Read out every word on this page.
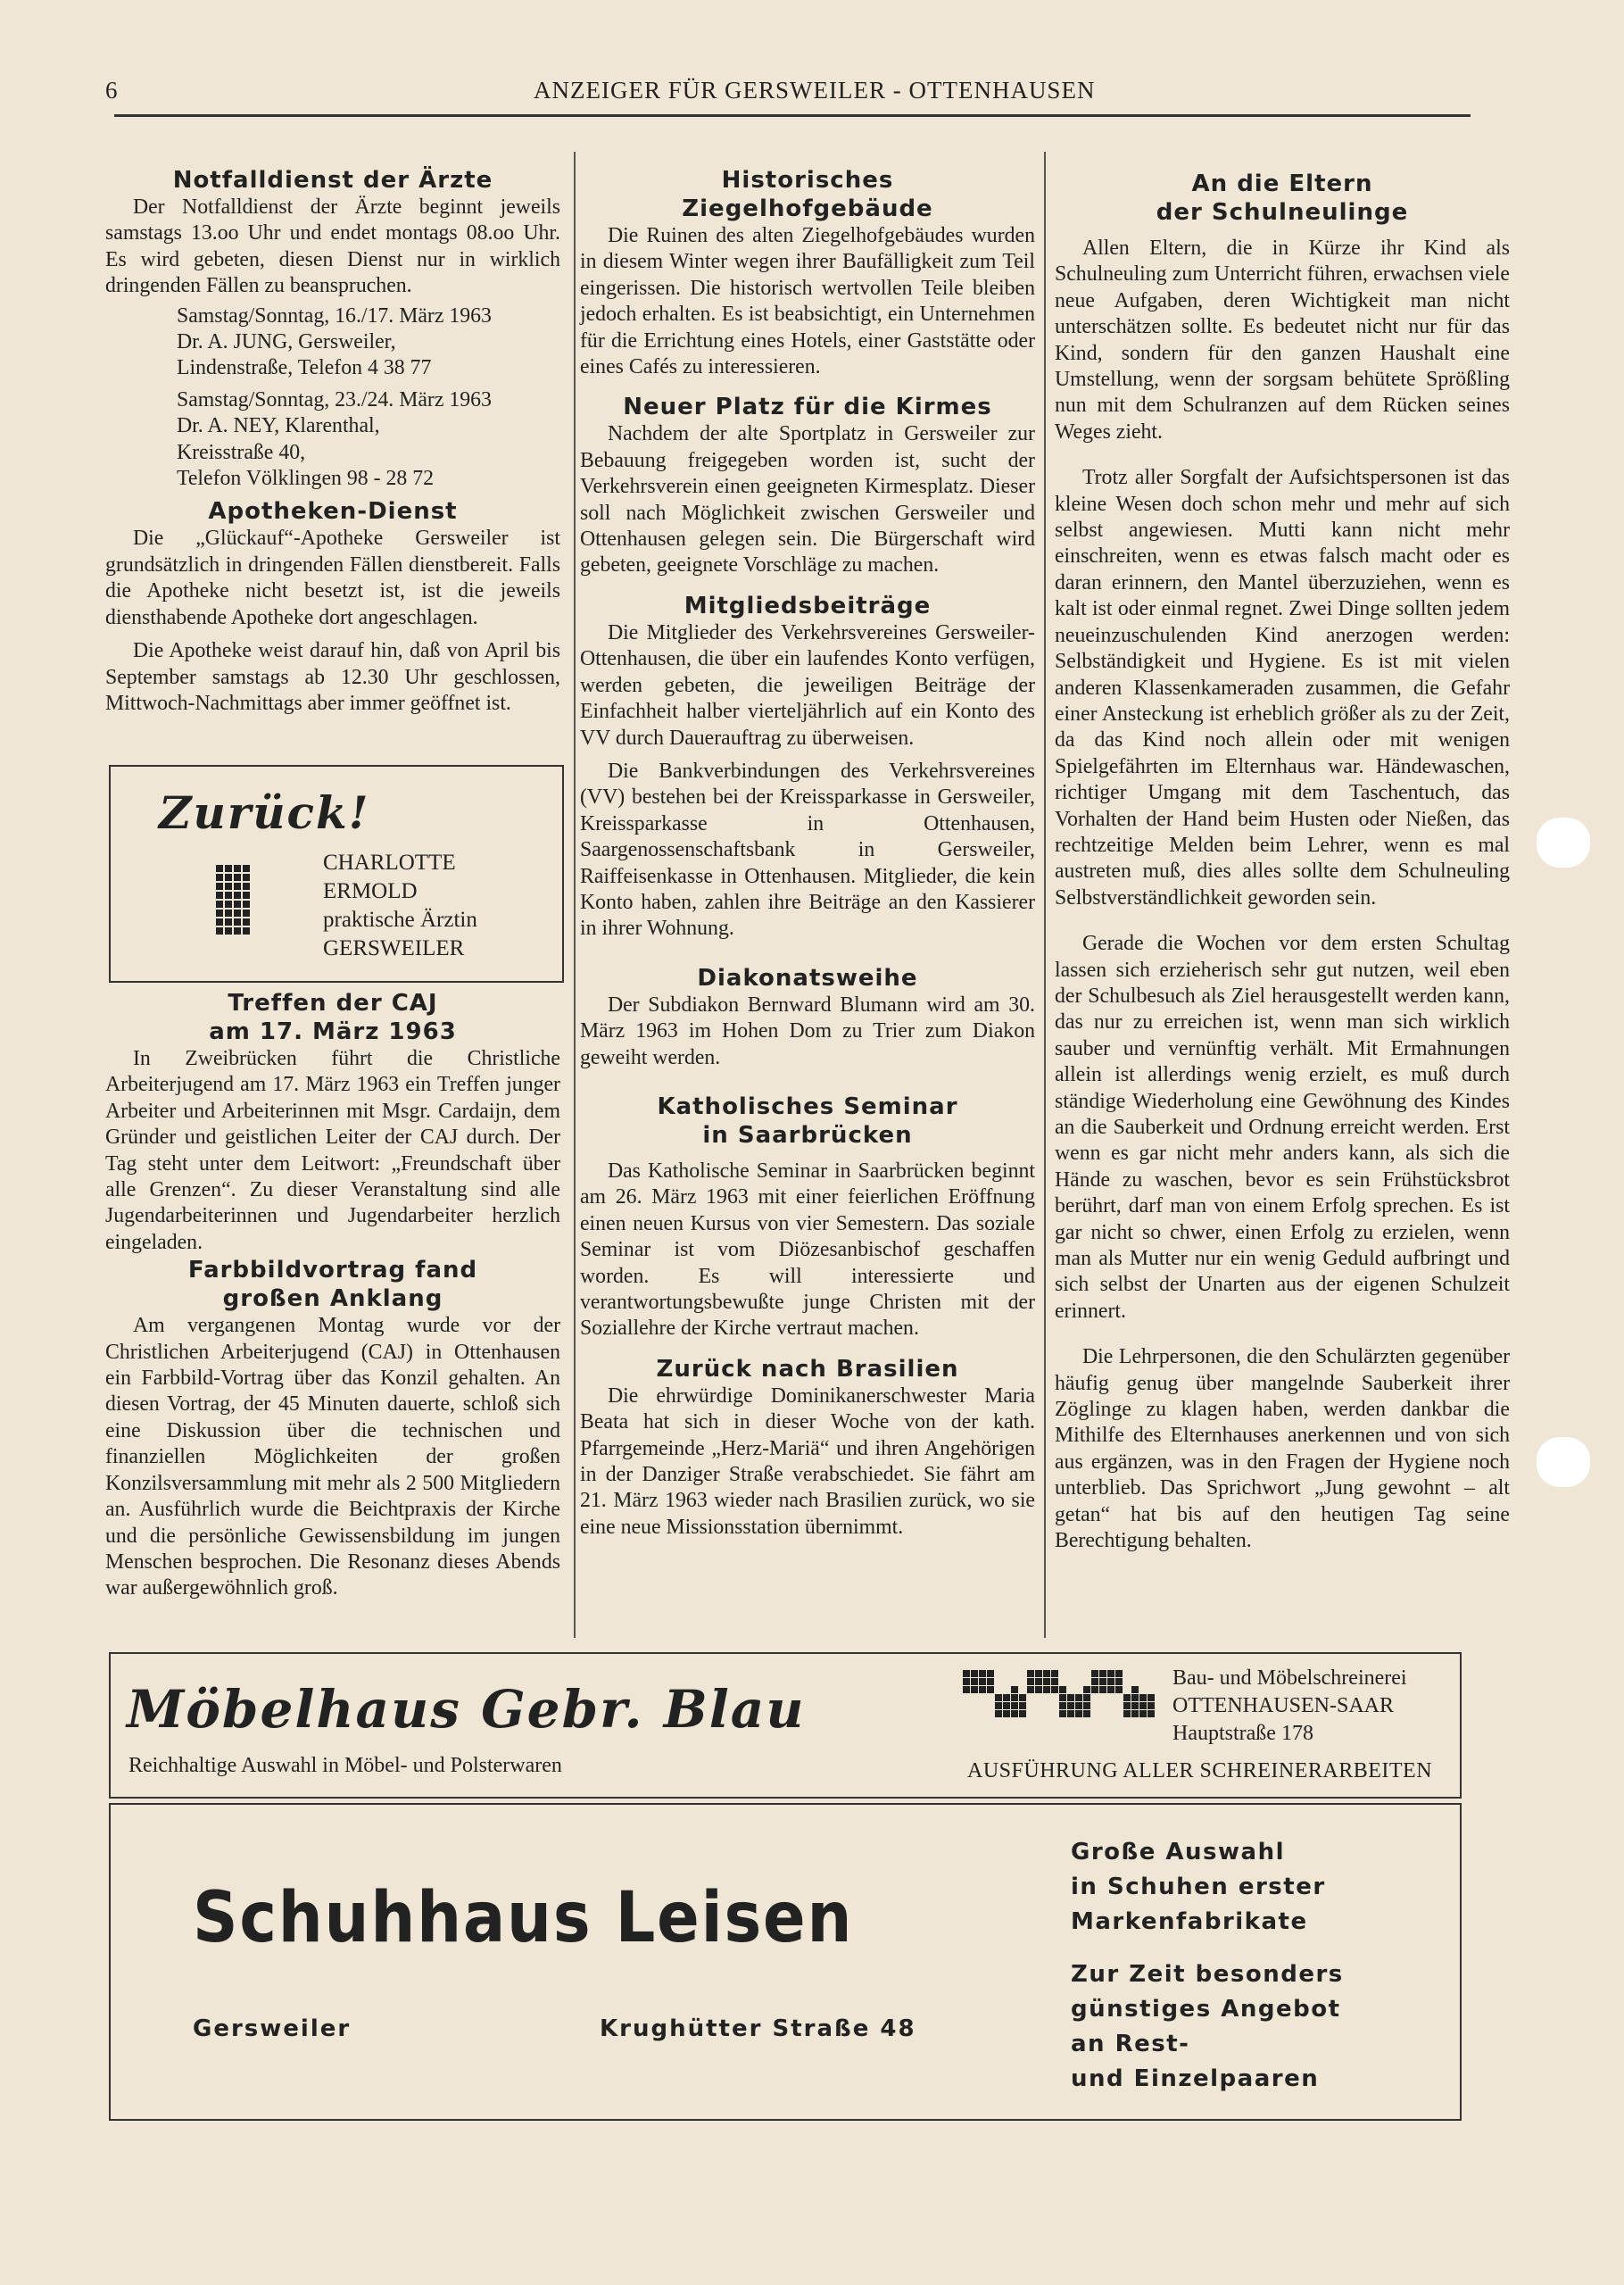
6	ANZEIGER FÜR GERSWEILER - OTTENHAUSEN
Notfalldienst der Ärzte

Der Notfalldienst der Ärzte beginnt jeweils samstags 13.oo Uhr und endet montags 08.oo Uhr. Es wird gebeten, diesen Dienst nur in wirklich dringenden Fällen zu beanspruchen.

Samstag/Sonntag, 16./17. März 1963
Dr. A. JUNG, Gersweiler,
Lindenstraße, Telefon 4 38 77
Samstag/Sonntag, 23./24. März 1963
Dr. A. NEY, Klarenthal,
Kreisstraße 40,
Telefon Völklingen 98 - 28 72
Apotheken-Dienst

Die „Glückauf“-Apotheke Gersweiler ist grundsätzlich in dringenden Fällen dienstbereit. Falls die Apotheke nicht besetzt ist, ist die jeweils diensthabende Apotheke dort angeschlagen.

Die Apotheke weist darauf hin, daß von April bis September samstags ab 12.30 Uhr geschlossen, Mittwoch-Nachmittags aber immer geöffnet ist.

Zurück!
CHARLOTTE
ERMOLD
praktische Ärztin
GERSWEILER
Treffen der CAJ
am 17. März 1963

In Zweibrücken führt die Christliche Arbeiterjugend am 17. März 1963 ein Treffen junger Arbeiter und Arbeiterinnen mit Msgr. Cardaijn, dem Gründer und geistlichen Leiter der CAJ durch. Der Tag steht unter dem Leitwort: „Freundschaft über alle Grenzen“. Zu dieser Veranstaltung sind alle Jugendarbeiterinnen und Jugendarbeiter herzlich eingeladen.

Farbbildvortrag fand
großen Anklang

Am vergangenen Montag wurde vor der Christlichen Arbeiterjugend (CAJ) in Ottenhausen ein Farbbild-Vortrag über das Konzil gehalten. An diesen Vortrag, der 45 Minuten dauerte, schloß sich eine Diskussion über die technischen und finanziellen Möglichkeiten der großen Konzilsversammlung mit mehr als 2 500 Mitgliedern an. Ausführlich wurde die Beichtpraxis der Kirche und die persönliche Gewissensbildung im jungen Menschen besprochen. Die Resonanz dieses Abends war außergewöhnlich groß.

Historisches
Ziegelhofgebäude

Die Ruinen des alten Ziegelhofgebäudes wurden in diesem Winter wegen ihrer Baufälligkeit zum Teil eingerissen. Die historisch wertvollen Teile bleiben jedoch erhalten. Es ist beabsichtigt, ein Unternehmen für die Errichtung eines Hotels, einer Gaststätte oder eines Cafés zu interessieren.

Neuer Platz für die Kirmes

Nachdem der alte Sportplatz in Gersweiler zur Bebauung freigegeben worden ist, sucht der Verkehrsverein einen geeigneten Kirmesplatz. Dieser soll nach Möglichkeit zwischen Gersweiler und Ottenhausen gelegen sein. Die Bürgerschaft wird gebeten, geeignete Vorschläge zu machen.

Mitgliedsbeiträge

Die Mitglieder des Verkehrsvereines Gersweiler-Ottenhausen, die über ein laufendes Konto verfügen, werden gebeten, die jeweiligen Beiträge der Einfachheit halber vierteljährlich auf ein Konto des VV durch Dauerauftrag zu überweisen.

Die Bankverbindungen des Verkehrsvereines (VV) bestehen bei der Kreissparkasse in Gersweiler, Kreissparkasse in Ottenhausen, Saargenossenschaftsbank in Gersweiler, Raiffeisenkasse in Ottenhausen. Mitglieder, die kein Konto haben, zahlen ihre Beiträge an den Kassierer in ihrer Wohnung.

Diakonatsweihe

Der Subdiakon Bernward Blumann wird am 30. März 1963 im Hohen Dom zu Trier zum Diakon geweiht werden.

Katholisches Seminar
in Saarbrücken

Das Katholische Seminar in Saarbrücken beginnt am 26. März 1963 mit einer feierlichen Eröffnung einen neuen Kursus von vier Semestern. Das soziale Seminar ist vom Diözesanbischof geschaffen worden. Es will interessierte und verantwortungsbewußte junge Christen mit der Soziallehre der Kirche vertraut machen.

Zurück nach Brasilien

Die ehrwürdige Dominikanerschwester Maria Beata hat sich in dieser Woche von der kath. Pfarrgemeinde „Herz-Mariä“ und ihren Angehörigen in der Danziger Straße verabschiedet. Sie fährt am 21. März 1963 wieder nach Brasilien zurück, wo sie eine neue Missionsstation übernimmt.

An die Eltern
der Schulneulinge

Allen Eltern, die in Kürze ihr Kind als Schulneuling zum Unterricht führen, erwachsen viele neue Aufgaben, deren Wichtigkeit man nicht unterschätzen sollte. Es bedeutet nicht nur für das Kind, sondern für den ganzen Haushalt eine Umstellung, wenn der sorgsam behütete Sprößling nun mit dem Schulranzen auf dem Rücken seines Weges zieht.

Trotz aller Sorgfalt der Aufsichtspersonen ist das kleine Wesen doch schon mehr und mehr auf sich selbst angewiesen. Mutti kann nicht mehr einschreiten, wenn es etwas falsch macht oder es daran erinnern, den Mantel überzuziehen, wenn es kalt ist oder einmal regnet. Zwei Dinge sollten jedem neueinzuschulenden Kind anerzogen werden: Selbständigkeit und Hygiene. Es ist mit vielen anderen Klassenkameraden zusammen, die Gefahr einer Ansteckung ist erheblich größer als zu der Zeit, da das Kind noch allein oder mit wenigen Spielgefährten im Elternhaus war. Händewaschen, richtiger Umgang mit dem Taschentuch, das Vorhalten der Hand beim Husten oder Nießen, das rechtzeitige Melden beim Lehrer, wenn es mal austreten muß, dies alles sollte dem Schulneuling Selbstverständlichkeit geworden sein.

Gerade die Wochen vor dem ersten Schultag lassen sich erzieherisch sehr gut nutzen, weil eben der Schulbesuch als Ziel herausgestellt werden kann, das nur zu erreichen ist, wenn man sich wirklich sauber und vernünftig verhält. Mit Ermahnungen allein ist allerdings wenig erzielt, es muß durch ständige Wiederholung eine Gewöhnung des Kindes an die Sauberkeit und Ordnung erreicht werden. Erst wenn es gar nicht mehr anders kann, als sich die Hände zu waschen, bevor es sein Frühstücksbrot berührt, darf man von einem Erfolg sprechen. Es ist gar nicht so chwer, einen Erfolg zu erzielen, wenn man als Mutter nur ein wenig Geduld aufbringt und sich selbst der Unarten aus der eigenen Schulzeit erinnert.

Die Lehrpersonen, die den Schulärzten gegenüber häufig genug über mangelnde Sauberkeit ihrer Zöglinge zu klagen haben, werden dankbar die Mithilfe des Elternhauses anerkennen und von sich aus ergänzen, was in den Fragen der Hygiene noch unterblieb. Das Sprichwort „Jung gewohnt – alt getan“ hat bis auf den heutigen Tag seine Berechtigung behalten.

Möbelhaus Gebr. Blau
Reichhaltige Auswahl in Möbel- und Polsterwaren
Bau- und Möbelschreinerei
OTTENHAUSEN-SAAR
Hauptstraße 178
AUSFÜHRUNG ALLER SCHREINERARBEITEN
Schuhhaus Leisen
Gersweiler	Krughütter Straße 48
Große Auswahl
in Schuhen erster
Markenfabrikate
Zur Zeit besonders
günstiges Angebot
an Rest-
und Einzelpaaren
